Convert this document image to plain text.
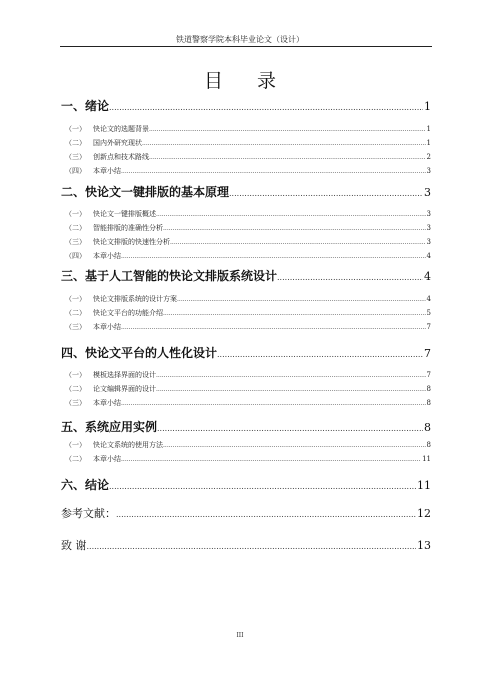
铁道警察学院本科毕业论文（设计）
目 录
一、绪论 .....	1
（一） 快论文的选题背景 .....	1
（二） 国内外研究现状 .....	1
（三） 创新点和技术路线 .....	2
（四） 本章小结 .....	3
二、快论文一键排版的基本原理 .....	3
（一） 快论文一键排版概述 .....	3
（二） 智能排版的准确性分析 .....	3
（三） 快论文排版的快速性分析 .....	3
（四） 本章小结 .....	4
三、基于人工智能的快论文排版系统设计 .....	4
（一） 快论文排版系统的设计方案 .....	4
（二） 快论文平台的功能介绍 .....	5
（三） 本章小结 .....	7
四、快论文平台的人性化设计 .....	7
（一） 模板选择界面的设计 .....	7
（二） 论文编辑界面的设计 .....	8
（三） 本章小结 .....	8
五、系统应用实例 .....	8
（一） 快论文系统的使用方法 .....	8
（二） 本章小结 .....	11
六、结论 .....	11
参考文献： .....	12
致 谢 .....	13
III
